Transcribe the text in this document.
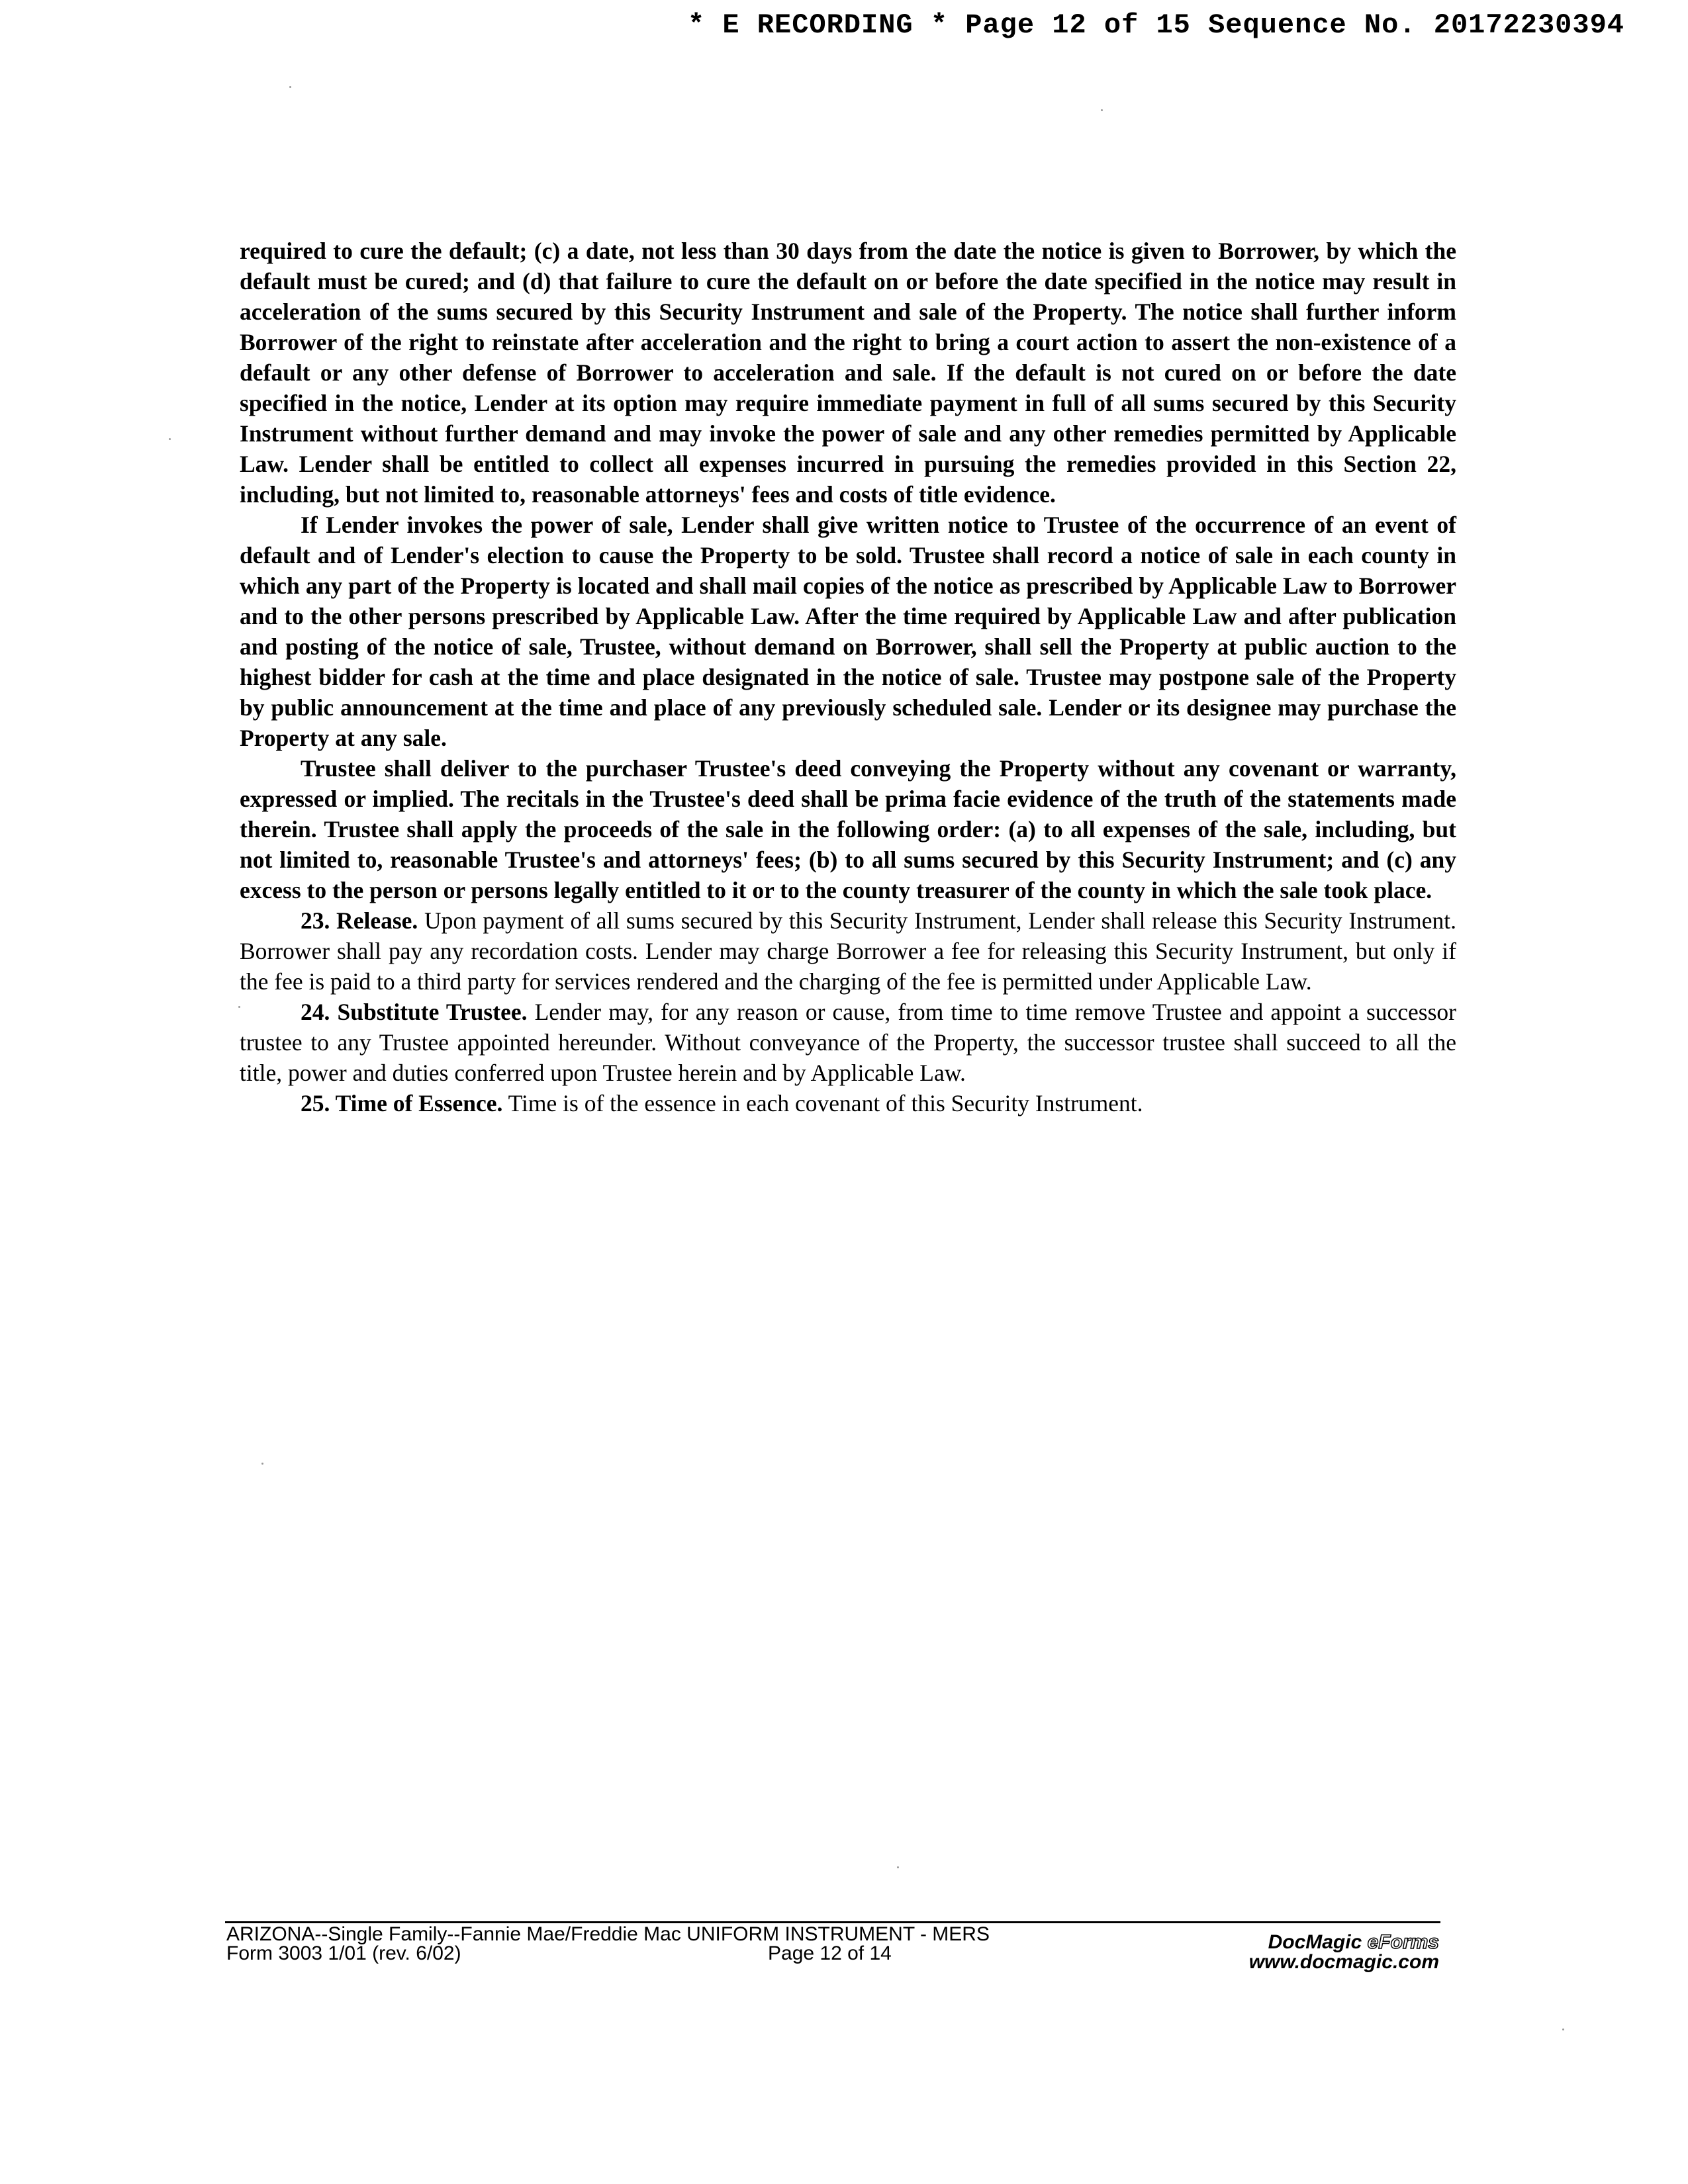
* E RECORDING * Page 12 of 15 Sequence No. 20172230394

required to cure the default; (c) a date, not less than 30 days from the date the notice is given to Borrower, by which the default must be cured; and (d) that failure to cure the default on or before the date specified in the notice may result in acceleration of the sums secured by this Security Instrument and sale of the Property. The notice shall further inform Borrower of the right to reinstate after acceleration and the right to bring a court action to assert the non-existence of a default or any other defense of Borrower to acceleration and sale. If the default is not cured on or before the date specified in the notice, Lender at its option may require immediate payment in full of all sums secured by this Security Instrument without further demand and may invoke the power of sale and any other remedies permitted by Applicable Law. Lender shall be entitled to collect all expenses incurred in pursuing the remedies provided in this Section 22, including, but not limited to, reasonable attorneys' fees and costs of title evidence.

If Lender invokes the power of sale, Lender shall give written notice to Trustee of the occurrence of an event of default and of Lender's election to cause the Property to be sold. Trustee shall record a notice of sale in each county in which any part of the Property is located and shall mail copies of the notice as prescribed by Applicable Law to Borrower and to the other persons prescribed by Applicable Law. After the time required by Applicable Law and after publication and posting of the notice of sale, Trustee, without demand on Borrower, shall sell the Property at public auction to the highest bidder for cash at the time and place designated in the notice of sale. Trustee may postpone sale of the Property by public announcement at the time and place of any previously scheduled sale. Lender or its designee may purchase the Property at any sale.

Trustee shall deliver to the purchaser Trustee's deed conveying the Property without any covenant or warranty, expressed or implied. The recitals in the Trustee's deed shall be prima facie evidence of the truth of the statements made therein. Trustee shall apply the proceeds of the sale in the following order: (a) to all expenses of the sale, including, but not limited to, reasonable Trustee's and attorneys' fees; (b) to all sums secured by this Security Instrument; and (c) any excess to the person or persons legally entitled to it or to the county treasurer of the county in which the sale took place.

23. Release. Upon payment of all sums secured by this Security Instrument, Lender shall release this Security Instrument. Borrower shall pay any recordation costs. Lender may charge Borrower a fee for releasing this Security Instrument, but only if the fee is paid to a third party for services rendered and the charging of the fee is permitted under Applicable Law.

24. Substitute Trustee. Lender may, for any reason or cause, from time to time remove Trustee and appoint a successor trustee to any Trustee appointed hereunder. Without conveyance of the Property, the successor trustee shall succeed to all the title, power and duties conferred upon Trustee herein and by Applicable Law.

25. Time of Essence. Time is of the essence in each covenant of this Security Instrument.

ARIZONA--Single Family--Fannie Mae/Freddie Mac UNIFORM INSTRUMENT - MERS
Form 3003 1/01 (rev. 6/02)	Page 12 of 14
DocMagic eForms
www.docmagic.com
